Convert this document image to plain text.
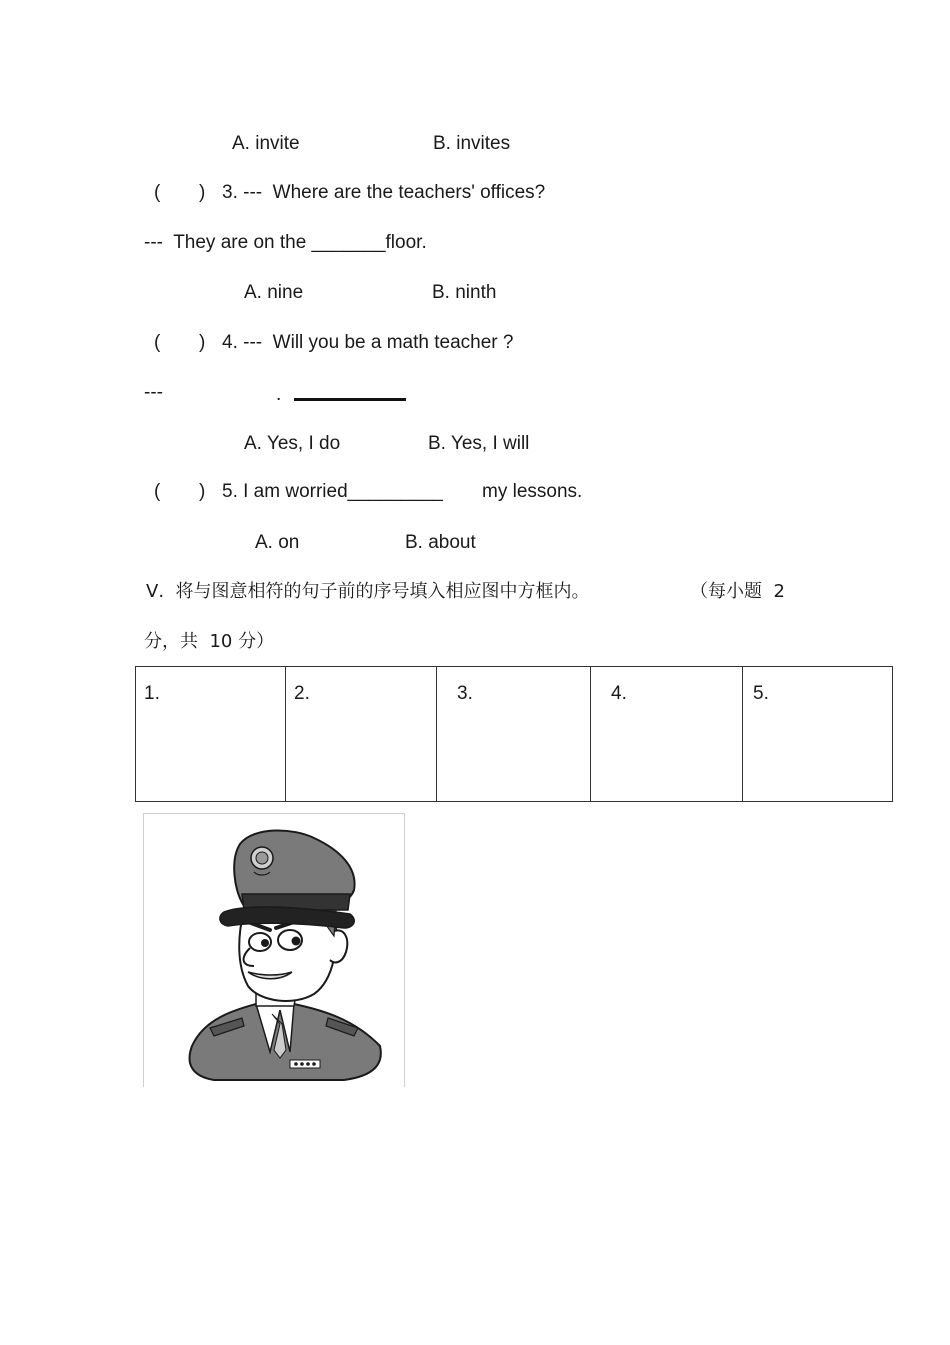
A. invite	B. invites
( ) 3. ---  Where are the teachers' offices?
---  They are on the _______floor.
A. nine	B. ninth
( ) 4. ---  Will you be a math teacher ?
---	.
A. Yes, I do	B. Yes, I will
( ) 5. I am worried_________ my lessons.
A. on	B. about
Ⅴ.  将与图意相符的句子前的序号填入相应图中方框内。	（每小题  2
分，共  10 分）
1.	2.	3.	4.	5.
